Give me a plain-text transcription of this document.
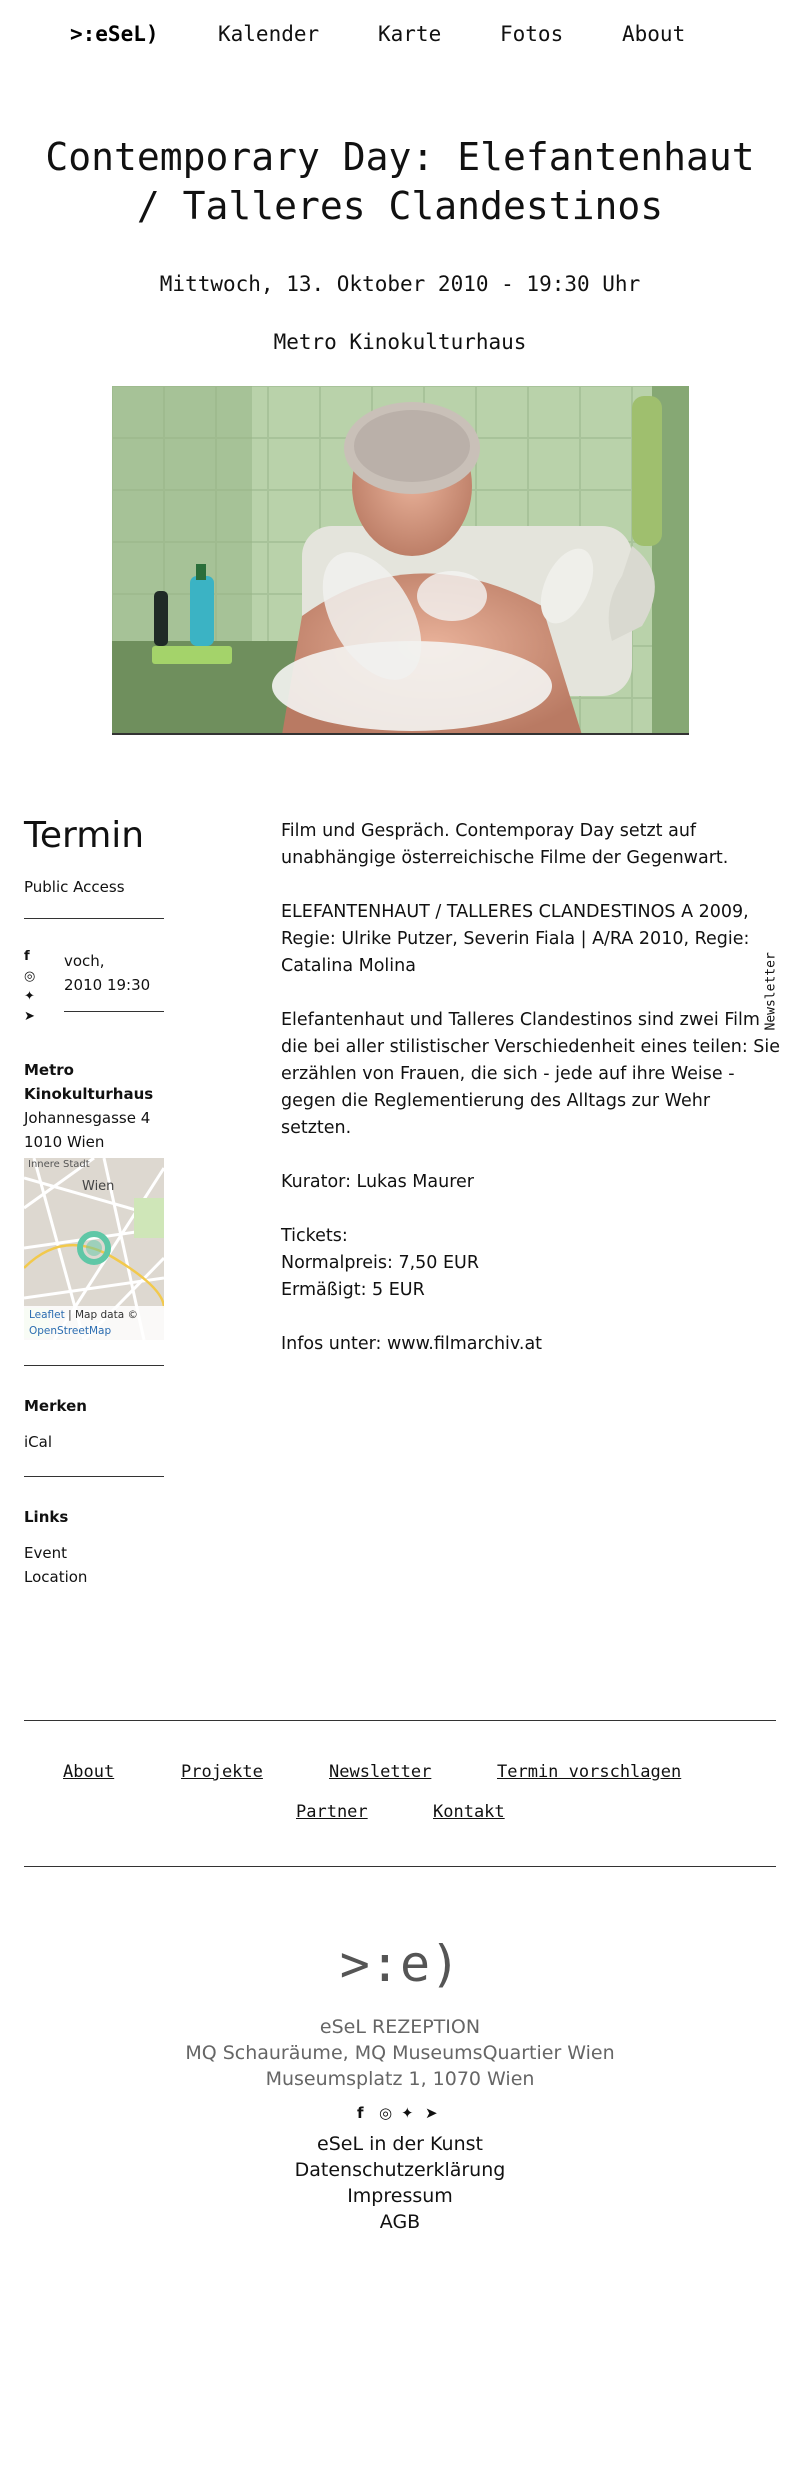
>:eSeL)	Kalender	Karte	Fotos	About
Contemporary Day: Elefantenhaut / Talleres Clandestinos
Mittwoch, 13. Oktober 2010 - 19:30 Uhr
Metro Kinokulturhaus
Termin
Public Access
f
◎
✦
➤
voch,
2010 19:30
Metro Kinokulturhaus
Johannesgasse 4
1010 Wien
Innere Stadt
Wien
Leaflet | Map data ©
OpenStreetMap
Merken
iCal
Links
Event
Location

Film und Gespräch. Contemporay Day setzt auf unabhängige österreichische Filme der Gegenwart.

ELEFANTENHAUT / TALLERES CLANDESTINOS A 2009, Regie: Ulrike Putzer, Severin Fiala | A/RA 2010, Regie: Catalina Molina

Elefantenhaut und Talleres Clandestinos sind zwei Film die bei aller stilistischer Verschiedenheit eines teilen: Sie erzählen von Frauen, die sich - jede auf ihre Weise - gegen die Reglementierung des Alltags zur Wehr setzten.

Kurator: Lukas Maurer

Tickets:
Normalpreis: 7,50 EUR
Ermäßigt: 5 EUR

Infos unter: www.filmarchiv.at

Newsletter
About	Projekte	Newsletter	Termin vorschlagen
Partner	Kontakt
>:e)
eSeL REZEPTION
MQ Schauräume, MQ MuseumsQuartier Wien
Museumsplatz 1, 1070 Wien
f ◎ ✦ ➤
eSeL in der Kunst
Datenschutzerklärung
Impressum
AGB
